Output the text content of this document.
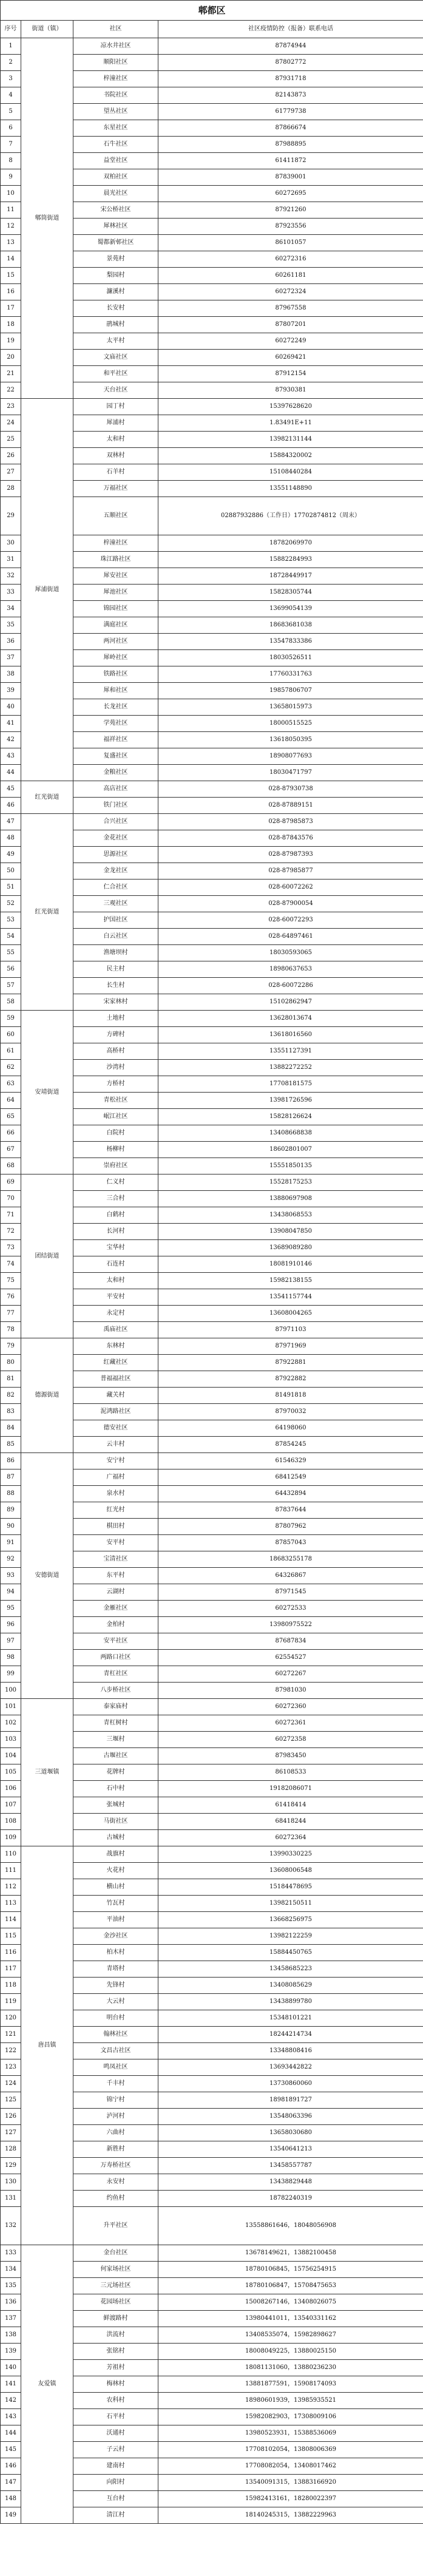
郫都区			
序号	街道（镇）	社区	社区疫情防控（报备）联系电话
1	郫筒街道	凉水井社区	87874944
2		顺阳社区	87802772
3		梓潼社区	87931718
4		书院社区	82143873
5		望丛社区	61779738
6		东星社区	87866674
7		石牛社区	87988895
8		益堂社区	61411872
9		双柏社区	87839001
10		晨光社区	60272695
11		宋公桥社区	87921260
12		犀林社区	87923556
13		蜀都新邨社区	86101057
14		景苑村	60272316
15		梨园村	60261181
16		濂溪村	60272324
17		长安村	87967558
18		鹃城村	87807201
19		太平村	60272249
20		文庙社区	60269421
21		和平社区	87912154
22		天台社区	87930381
23	犀浦街道	园丁村	15397628620
24		犀浦村	1.83491E+11
25		太和村	13982131144
26		双林村	15884320002
27		石羊村	15108440284
28		万福社区	13551148890
29		五顺社区	02887932886（工作日）17702874812（周末）
30		梓潼社区	18782069970
31		珠江路社区	15882284993
32		犀安社区	18728449917
33		犀池社区	15828305744
34		锦园社区	13699054139
35		满庭社区	18683681038
36		两河社区	13547833386
37		犀岭社区	18030526511
38		铁路社区	17760331763
39		犀和社区	19857806707
40		长龙社区	13658015973
41		学苑社区	18000515525
42		福祥社区	13618050395
43		复盛社区	18908077693
44		金粮社区	18030471797
45	红光街道	高店社区	028-87930738
46		铁门社区	028-87889151
47	红光街道	合兴社区	028-87985873
48		金花社区	028-87843576
49		思源社区	028-87987393
50		金龙社区	028-87985877
51		仁合社区	028-60072262
52		三观社区	028-87900054
53		护国社区	028-60072293
54		白云社区	028-64897461
55		渔塘坝村	18030593065
56		民主村	18980637653
57		长生村	028-60072286
58		宋家林村	15102862947
59	安靖街道	土地村	13628013674
60		方碑村	13618016560
61		高桥村	13551127391
62		沙湾村	13882272252
63		方桥村	17708181575
64		青松社区	13981726596
65		岷江社区	15828126624
66		白院村	13408668838
67		杨柳村	18602801007
68		崇府社区	15551850135
69	团结街道	仁义村	15528175253
70		三合村	13880697908
71		白鹤村	13438068553
72		长河村	13908047850
73		宝华村	13689089280
74		石连村	18081910146
75		太和村	15982138155
76		平安村	13541157744
77		永定村	13608004265
78		禹庙社区	87971103
79	德源街道	东林村	87971969
80		红藏社区	87922881
81		普福福社区	87922882
82		藏关村	81491818
83		泥鸿路社区	87970032
84		德安社区	64198060
85		云丰村	87854245
86	安德街道	安宁村	61546329
87		广福村	68412549
88		泉水村	64432894
89		红光村	87837644
90		棋田村	87807962
91		安平村	87857043
92		宝清社区	18683255178
93		东平村	64326867
94		云湖村	87971545
95		金雁社区	60272533
96		金柏村	13980975522
97		安平社区	87687834
98		两路口社区	62554527
99		青杠社区	60272267
100		八步桥社区	87981030
101	三道堰镇	泰家庙村	60272360
102		青杠树村	60272361
103		三堰村	60272358
104		古堰社区	87983450
105		花牌村	86108533
106		石中村	19182086071
107		张城村	61418414
108		马街社区	68418244
109		古城村	60272364
110	唐昌镇	战旗村	13990330225
111		火花村	13608006548
112		横山村	15184478695
113		竹瓦村	13982150511
114		平油村	13668256975
115		金沙社区	13982122259
116		柏木村	15884450765
117		青塔村	13458685223
118		先锋村	13408085629
119		大云村	13438899780
120		明台村	15348101221
121		翰林社区	18244214734
122		文昌古社区	13348808416
123		鸣凤社区	13693442822
124		千丰村	13730860060
125		锦宁村	18981891727
126		泸河村	13548063396
127		六曲村	13658030680
128		新胜村	13540641213
129		万寿桥社区	13458557787
130		永安村	13438829448
131		约鱼村	18782240319
132		升平社区	13558861646，18048056908
133	友爱镇	金台社区	13678149621，13882100458
134		何家场社区	18780106845，15756254915
135		三元场社区	18780106847，15708475653
136		花园场社区	15008267146，13408026075
137		鲜渡路村	13980441011，13540331162
138		洪流村	13408535074，15982898627
139		张铭村	18008049225，13880025150
140		芳祖村	18081131060，13880236230
141		梅林村	13881877591，15908174093
142		农科村	18980601939，13985935521
143		石平村	15982082903，17308009106
144		沃通村	13980523931，15388536069
145		子云村	17708102054，13808006369
146		建南村	17708082054，13408017462
147		向阳村	13540091315，13883166920
148		互台村	15982413161，18280022397
149		清江村	18140245315，13882229963
